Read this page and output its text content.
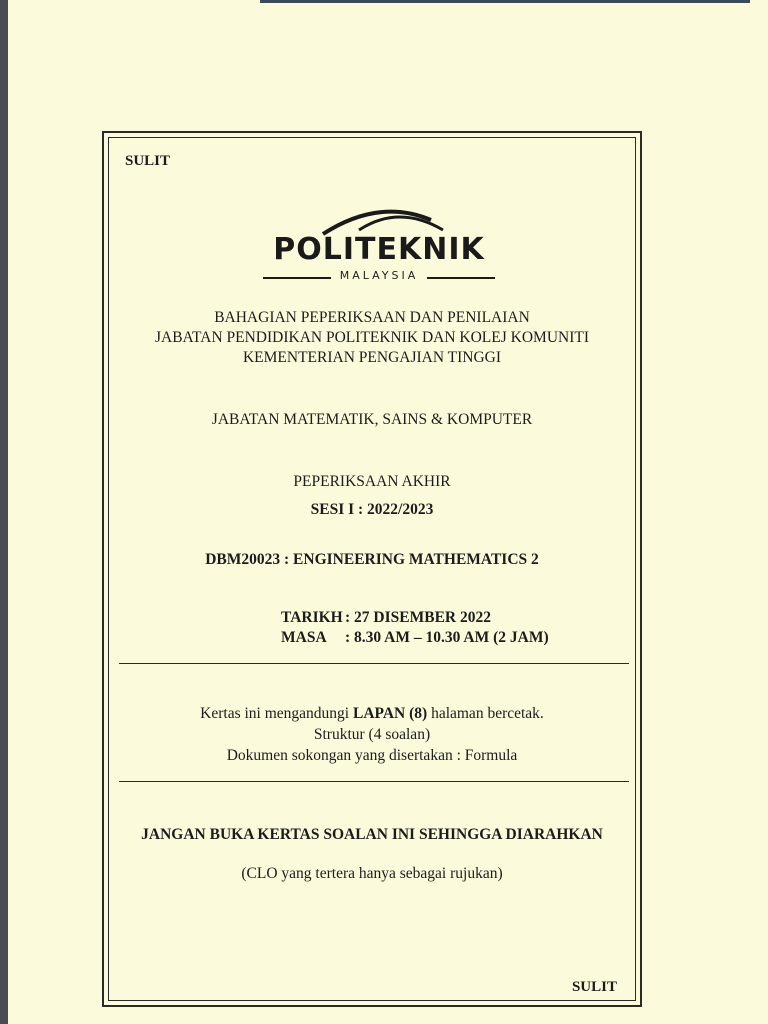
SULIT
POLITEKNIK
MALAYSIA
BAHAGIAN PEPERIKSAAN DAN PENILAIAN
JABATAN PENDIDIKAN POLITEKNIK DAN KOLEJ KOMUNITI
KEMENTERIAN PENGAJIAN TINGGI
JABATAN MATEMATIK, SAINS & KOMPUTER
PEPERIKSAAN AKHIR
SESI I : 2022/2023
DBM20023 : ENGINEERING MATHEMATICS 2
TARIKH : 27 DISEMBER 2022
MASA : 8.30 AM – 10.30 AM (2 JAM)
Kertas ini mengandungi LAPAN (8) halaman bercetak.
Struktur (4 soalan)
Dokumen sokongan yang disertakan : Formula
JANGAN BUKA KERTAS SOALAN INI SEHINGGA DIARAHKAN
(CLO yang tertera hanya sebagai rujukan)
SULIT
